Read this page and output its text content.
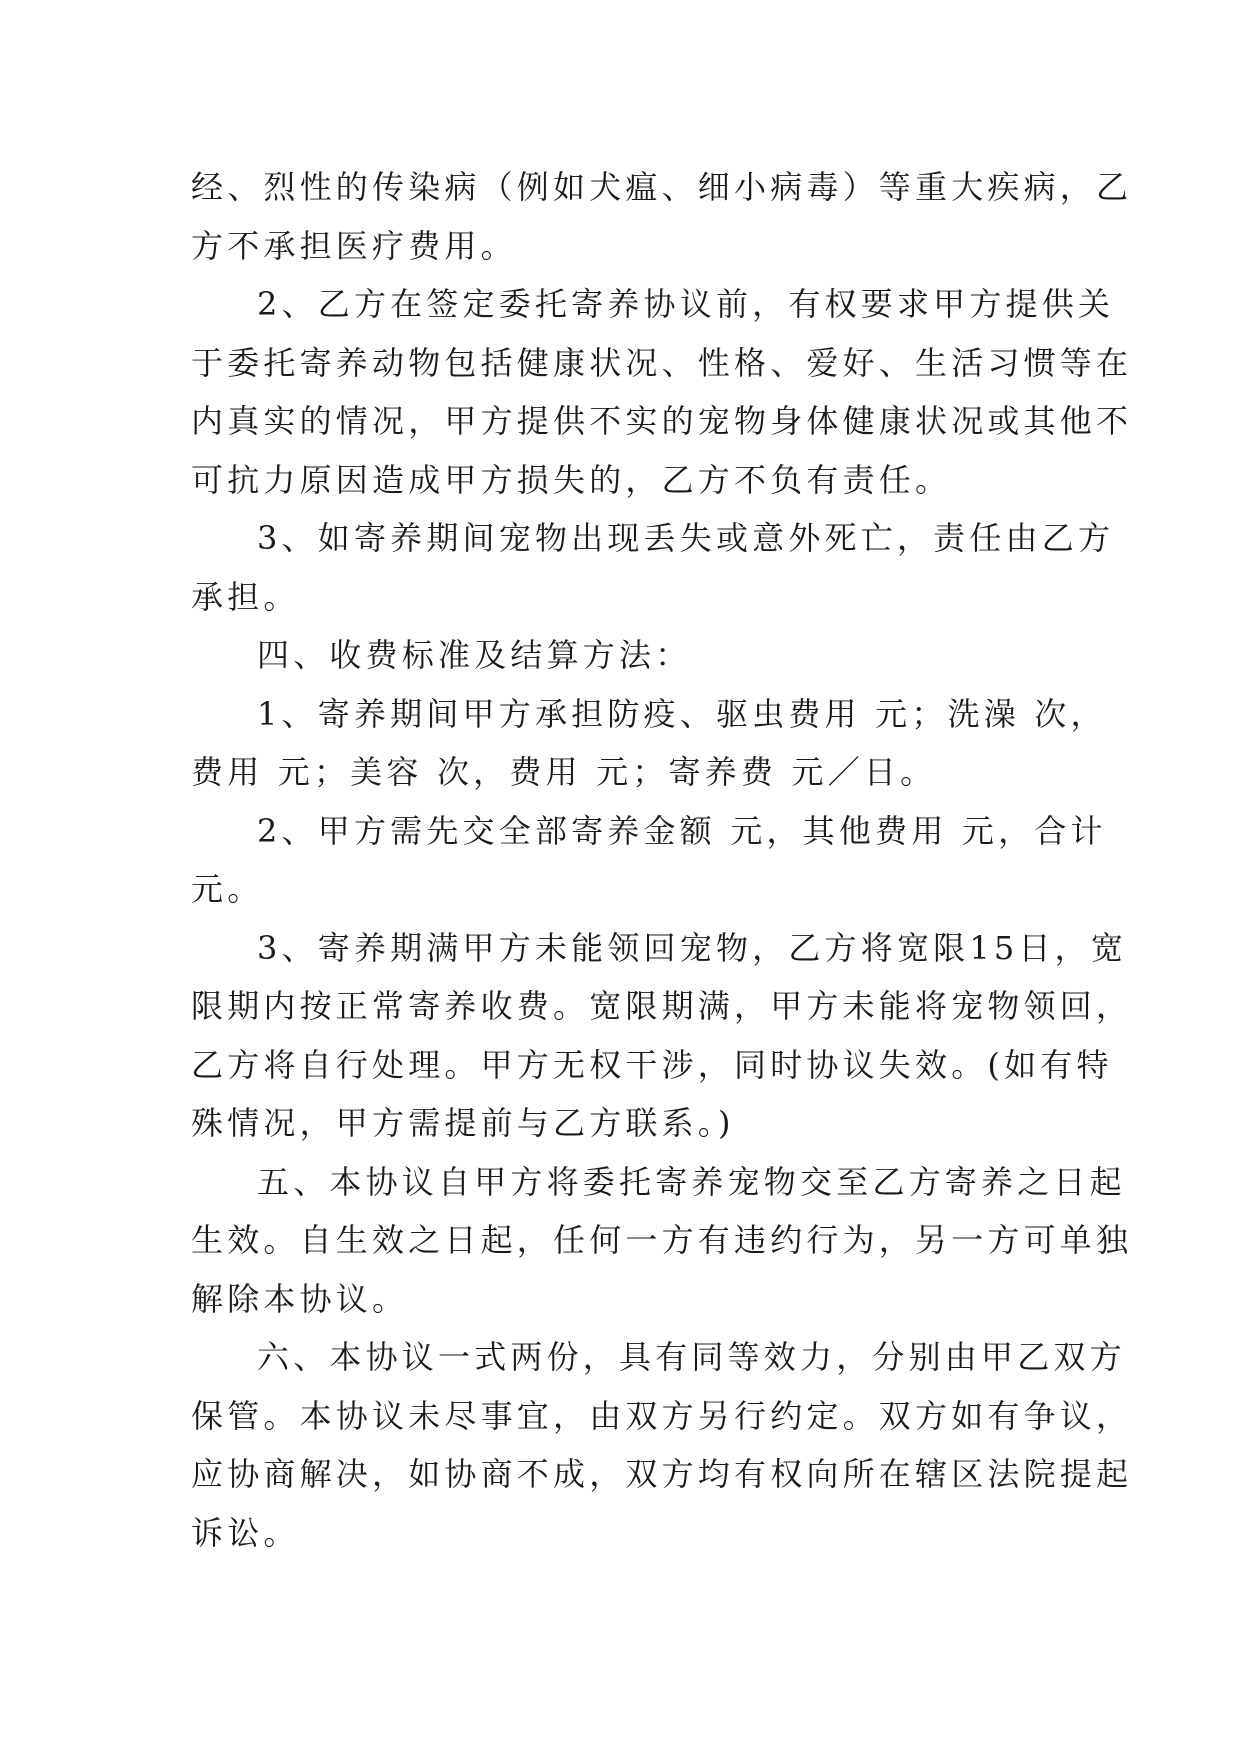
经、烈性的传染病（例如犬瘟、细小病毒）等重大疾病，乙
方不承担医疗费用。
2、乙方在签定委托寄养协议前，有权要求甲方提供关
于委托寄养动物包括健康状况、性格、爱好、生活习惯等在
内真实的情况，甲方提供不实的宠物身体健康状况或其他不
可抗力原因造成甲方损失的，乙方不负有责任。
3、如寄养期间宠物出现丢失或意外死亡，责任由乙方
承担。
四、收费标准及结算方法：
1、寄养期间甲方承担防疫、驱虫费用 元；洗澡 次，
费用 元；美容 次，费用 元；寄养费 元／日。
2、甲方需先交全部寄养金额 元，其他费用 元，合计
元。
3、寄养期满甲方未能领回宠物，乙方将宽限15日，宽
限期内按正常寄养收费。宽限期满，甲方未能将宠物领回，
乙方将自行处理。甲方无权干涉，同时协议失效。(如有特
殊情况，甲方需提前与乙方联系。)
五、本协议自甲方将委托寄养宠物交至乙方寄养之日起
生效。自生效之日起，任何一方有违约行为，另一方可单独
解除本协议。
六、本协议一式两份，具有同等效力，分别由甲乙双方
保管。本协议未尽事宜，由双方另行约定。双方如有争议，
应协商解决，如协商不成，双方均有权向所在辖区法院提起
诉讼。
